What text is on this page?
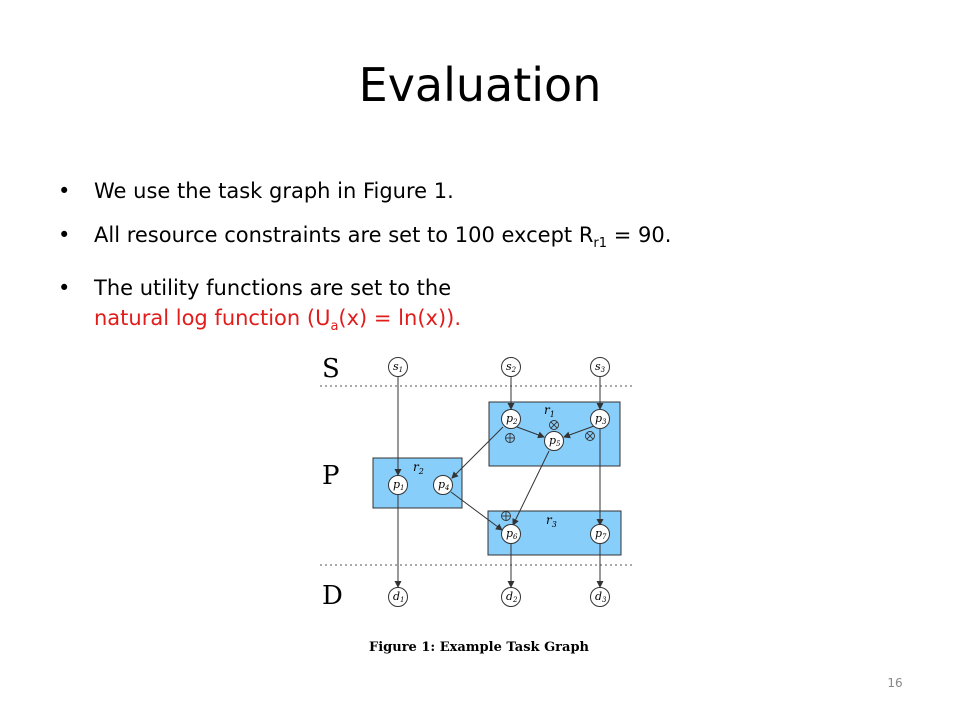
Evaluation
• We use the task graph in Figure 1.
• All resource constraints are set to 100 except $R_{r1} = 90$.
• The utility functions are set to the
natural log function $(U_a(x) = \ln(x))$.
S
P
D
$r_1$
$r_2$
$r_3$
s1	s2	s3
p1	p4
p2	p3
p5
p6	p7
d1	d2	d3
Figure 1: Example Task Graph
16
